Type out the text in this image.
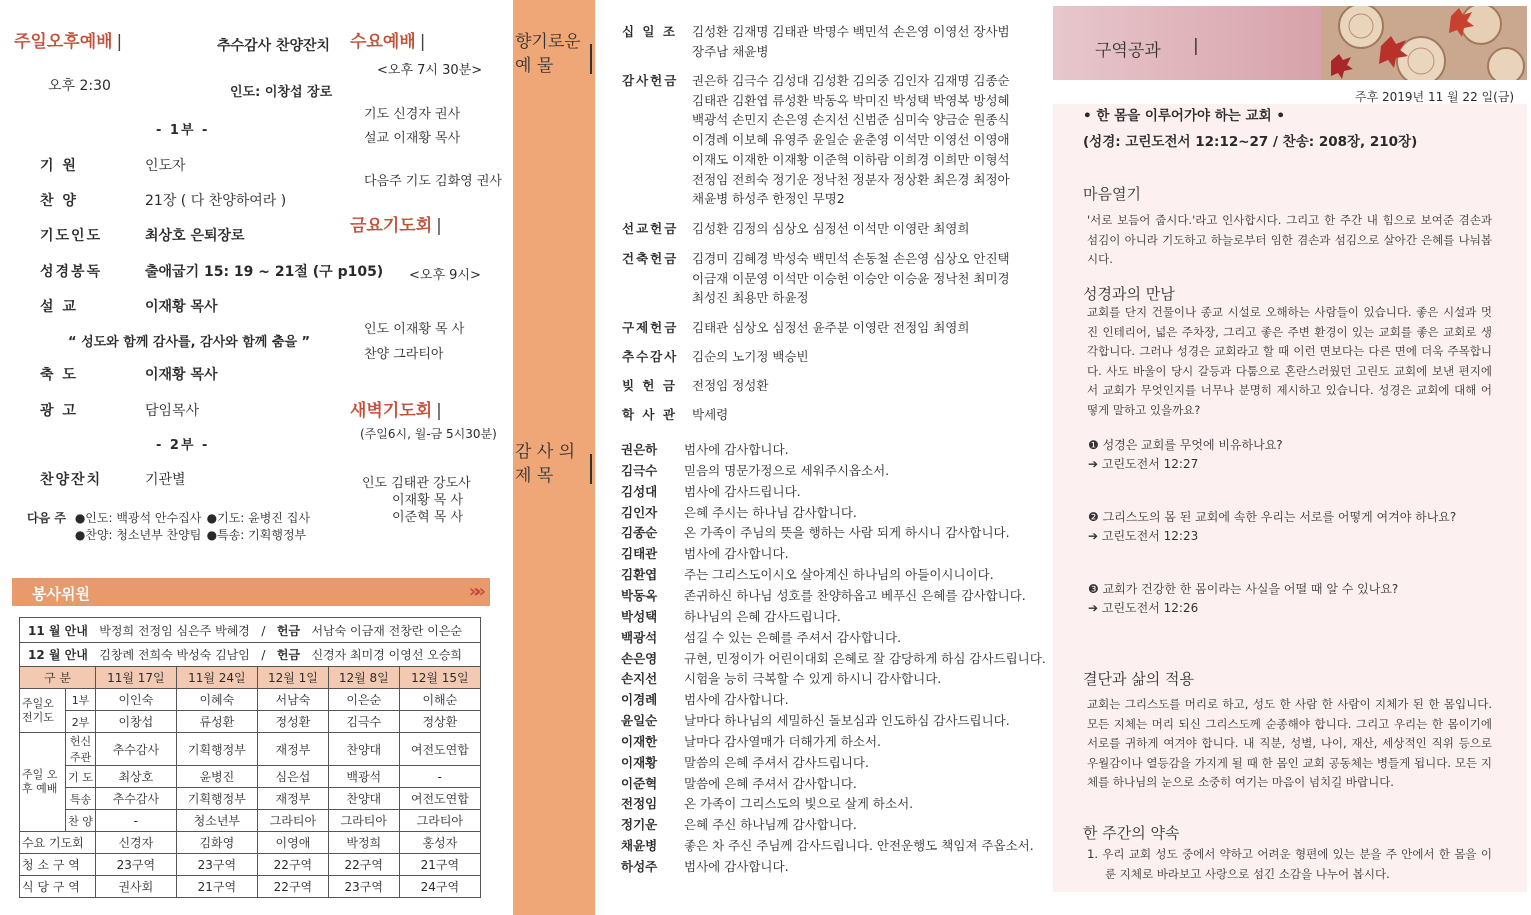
주일오후예배 |	추수감사 찬양잔치
오후 2:30	인도: 이창섭 장로
- 1부 -
기 원	인도자
찬 양	21장 ( 다 찬양하여라 )
기도인도	최상호 은퇴장로
성경봉독	출애굽기 15: 19 ~ 21절 (구 p105)
설 교	이재황 목사
“ 성도와 함께 감사를, 감사와 함께 춤을 ”
축 도	이재황 목사
광 고	담임목사
- 2부 -
찬양잔치	기관별
다음 주 ●인도: 백광석 안수집사 ●기도: 윤병진 집사
●찬양: 청소년부 찬양팀 ●특송: 기획행정부
수요예배 |
<오후 7시 30분>
기도 신경자 권사
설교 이재황 목사
다음주 기도 김화영 권사
금요기도회 |
<오후 9시>
인도 이재황 목 사
찬양 그라티아
새벽기도회 |
(주일6시, 월-금 5시30분)
인도 김태관 강도사
이재황 목 사
이준혁 목 사
봉사위원	»»
11 월 안내 박정희 전정임 심은주 박혜경 / 헌금 서남숙 이금재 전창란 이은순
12 월 안내 김창례 전희숙 박성숙 김남임 / 헌금 신경자 최미경 이영선 오승희
구 분		11월 17일	11월 24일	12월 1일	12월 8일	12월 15일
주일오전기도	1부	이인숙	이혜숙	서남숙	이은순	이해순
	2부	이창섭	류성환	정성환	김극수	정상환
주일 오후 예배	헌신주관	추수감사	기획행정부	재정부	찬양대	여전도연합
	기 도	최상호	윤병진	심은섭	백광석	-
	특송	추수감사	기획행정부	재정부	찬양대	여전도연합
	찬 양	-	청소년부	그라티아	그라티아	그라티아
수요 기도회		신경자	김화영	이영애	박정희	홍성자
청 소 구 역		23구역	23구역	22구역	22구역	21구역
식 당 구 역		권사회	21구역	22구역	23구역	24구역
향기로운
예 물
감 사 의
제 목
십 일 조	김성환 김재명 김태관 박명수 백민석 손은영 이영선 장사범
장주남 채윤병
감사헌금 권은하 김극수 김성대 김성환 김의중 김인자 김재명 김종순
김태관 김환엽 류성환 박동옥 박미진 박성택 박영복 방성혜
백광석 손민지 손은영 손지선 신범준 심미숙 양금순 원종식
이경례 이보혜 유영주 윤일순 윤춘영 이석만 이영선 이영애
이재도 이재한 이재황 이준혁 이하람 이희경 이희만 이형석
전정임 전희숙 정기운 정낙천 정분자 정상환 최은경 최정아
채윤병 하성주 한정인 무명2
선교헌금 김성환 김정의 심상오 심정선 이석만 이영란 최영희
건축헌금 김경미 김혜경 박성숙 백민석 손동철 손은영 심상오 안진택
이금재 이문영 이석만 이승헌 이승안 이승윤 정낙천 최미경
최성진 최용만 하윤정
구제헌금 김태관 심상오 심정선 윤주분 이영란 전정임 최영희
추수감사 김순의 노기정 백승빈
빚 헌 금	전정임 정성환
학 사 관	박세령
권은하	범사에 감사합니다.
김극수	믿음의 명문가정으로 세워주시옵소서.
김성대	범사에 감사드립니다.
김인자	은혜 주시는 하나님 감사합니다.
김종순	온 가족이 주님의 뜻을 행하는 사람 되게 하시니 감사합니다.
김태관	범사에 감사합니다.
김환엽	주는 그리스도이시오 살아계신 하나님의 아들이시니이다.
박동옥	존귀하신 하나님 성호를 찬양하옵고 베푸신 은혜를 감사합니다.
박성택	하나님의 은혜 감사드립니다.
백광석	섬길 수 있는 은혜를 주셔서 감사합니다.
손은영	규현, 민정이가 어린이대회 은혜로 잘 감당하게 하심 감사드립니다.
손지선	시험을 능히 극복할 수 있게 하시니 감사합니다.
이경례	범사에 감사합니다.
윤일순	날마다 하나님의 세밀하신 돌보심과 인도하심 감사드립니다.
이재한	날마다 감사열매가 더해가게 하소서.
이재황	말씀의 은혜 주셔서 감사드립니다.
이준혁	말씀에 은혜 주셔서 감사합니다.
전정임	온 가족이 그리스도의 빛으로 살게 하소서.
정기운	은혜 주신 하나님께 감사합니다.
채윤병	좋은 차 주신 주님께 감사드립니다. 안전운행도 책임져 주옵소서.
하성주	범사에 감사합니다.
구역공과 |
주후 2019년 11 월 22 일(금)
• 한 몸을 이루어가야 하는 교회 •
(성경: 고린도전서 12:12~27 / 찬송: 208장, 210장)
마음열기
'서로 보듬어 줍시다.'라고 인사합시다. 그리고 한 주간 내 힘으로 보여준 겸손과 섬김이 아니라 기도하고 하늘로부터 임한 겸손과 섬김으로 살아간 은혜를 나눠봅시다.
성경과의 만남
교회를 단지 건물이나 종교 시설로 오해하는 사람들이 있습니다. 좋은 시설과 멋진 인테리어, 넓은 주차장, 그리고 좋은 주변 환경이 있는 교회를 좋은 교회로 생각합니다. 그러나 성경은 교회라고 할 때 이런 면보다는 다른 면에 더욱 주목합니다. 사도 바울이 당시 갈등과 다툼으로 혼란스러웠던 고린도 교회에 보낸 편지에서 교회가 무엇인지를 너무나 분명히 제시하고 있습니다. 성경은 교회에 대해 어떻게 말하고 있을까요?
❶ 성경은 교회를 무엇에 비유하나요?
➔ 고린도전서 12:27
❷ 그리스도의 몸 된 교회에 속한 우리는 서로를 어떻게 여겨야 하나요?
➔ 고린도전서 12:23
❸ 교회가 건강한 한 몸이라는 사실을 어떨 때 알 수 있나요?
➔ 고린도전서 12:26
결단과 삶의 적용
교회는 그리스도를 머리로 하고, 성도 한 사람 한 사람이 지체가 된 한 몸입니다. 모든 지체는 머리 되신 그리스도께 순종해야 합니다. 그리고 우리는 한 몸이기에 서로를 귀하게 여겨야 합니다. 내 직분, 성별, 나이, 재산, 세상적인 직위 등으로 우월감이나 열등감을 가지게 될 때 한 몸인 교회 공동체는 병들게 됩니다. 모든 지체를 하나님의 눈으로 소중히 여기는 마음이 넘치길 바랍니다.
한 주간의 약속
1. 우리 교회 성도 중에서 약하고 어려운 형편에 있는 분을 주 안에서 한 몸을 이룬 지체로 바라보고 사랑으로 섬긴 소감을 나누어 봅시다.
